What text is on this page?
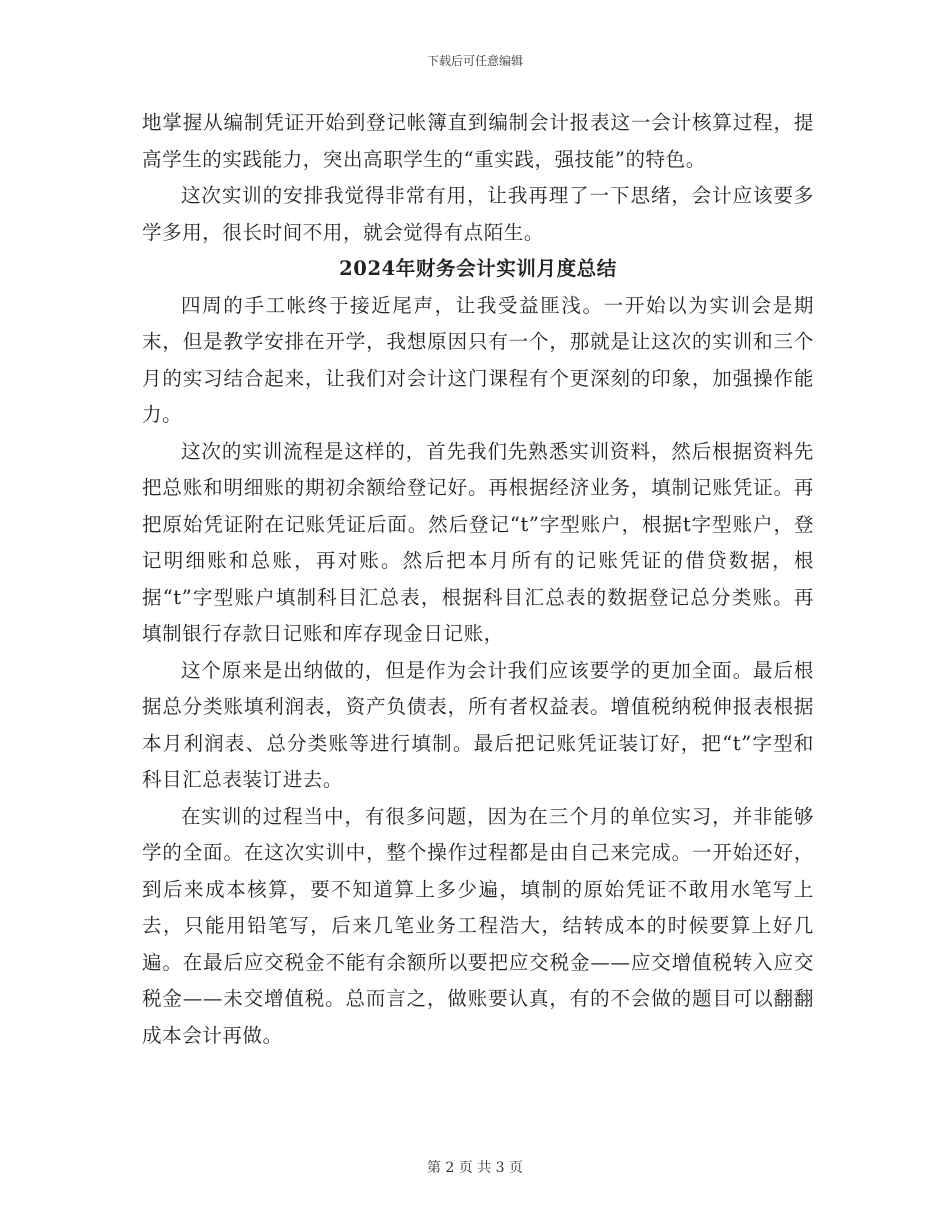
下载后可任意编辑

地掌握从编制凭证开始到登记帐簿直到编制会计报表这一会计核算过程，提高学生的实践能力，突出高职学生的“重实践，强技能”的特色。

这次实训的安排我觉得非常有用，让我再理了一下思绪，会计应该要多学多用，很长时间不用，就会觉得有点陌生。

2024年财务会计实训月度总结

四周的手工帐终于接近尾声，让我受益匪浅。一开始以为实训会是期末，但是教学安排在开学，我想原因只有一个，那就是让这次的实训和三个月的实习结合起来，让我们对会计这门课程有个更深刻的印象，加强操作能力。

这次的实训流程是这样的，首先我们先熟悉实训资料，然后根据资料先把总账和明细账的期初余额给登记好。再根据经济业务，填制记账凭证。再把原始凭证附在记账凭证后面。然后登记“t”字型账户，根据t字型账户，登记明细账和总账，再对账。然后把本月所有的记账凭证的借贷数据，根据“t”字型账户填制科目汇总表，根据科目汇总表的数据登记总分类账。再填制银行存款日记账和库存现金日记账，

这个原来是出纳做的，但是作为会计我们应该要学的更加全面。最后根据总分类账填利润表，资产负债表，所有者权益表。增值税纳税伸报表根据本月利润表、总分类账等进行填制。最后把记账凭证装订好，把“t”字型和科目汇总表装订进去。

在实训的过程当中，有很多问题，因为在三个月的单位实习，并非能够学的全面。在这次实训中，整个操作过程都是由自己来完成。一开始还好，到后来成本核算，要不知道算上多少遍，填制的原始凭证不敢用水笔写上去，只能用铅笔写，后来几笔业务工程浩大，结转成本的时候要算上好几遍。在最后应交税金不能有余额所以要把应交税金——应交增值税转入应交税金——未交增值税。总而言之，做账要认真，有的不会做的题目可以翻翻成本会计再做。

第 2 页 共 3 页
